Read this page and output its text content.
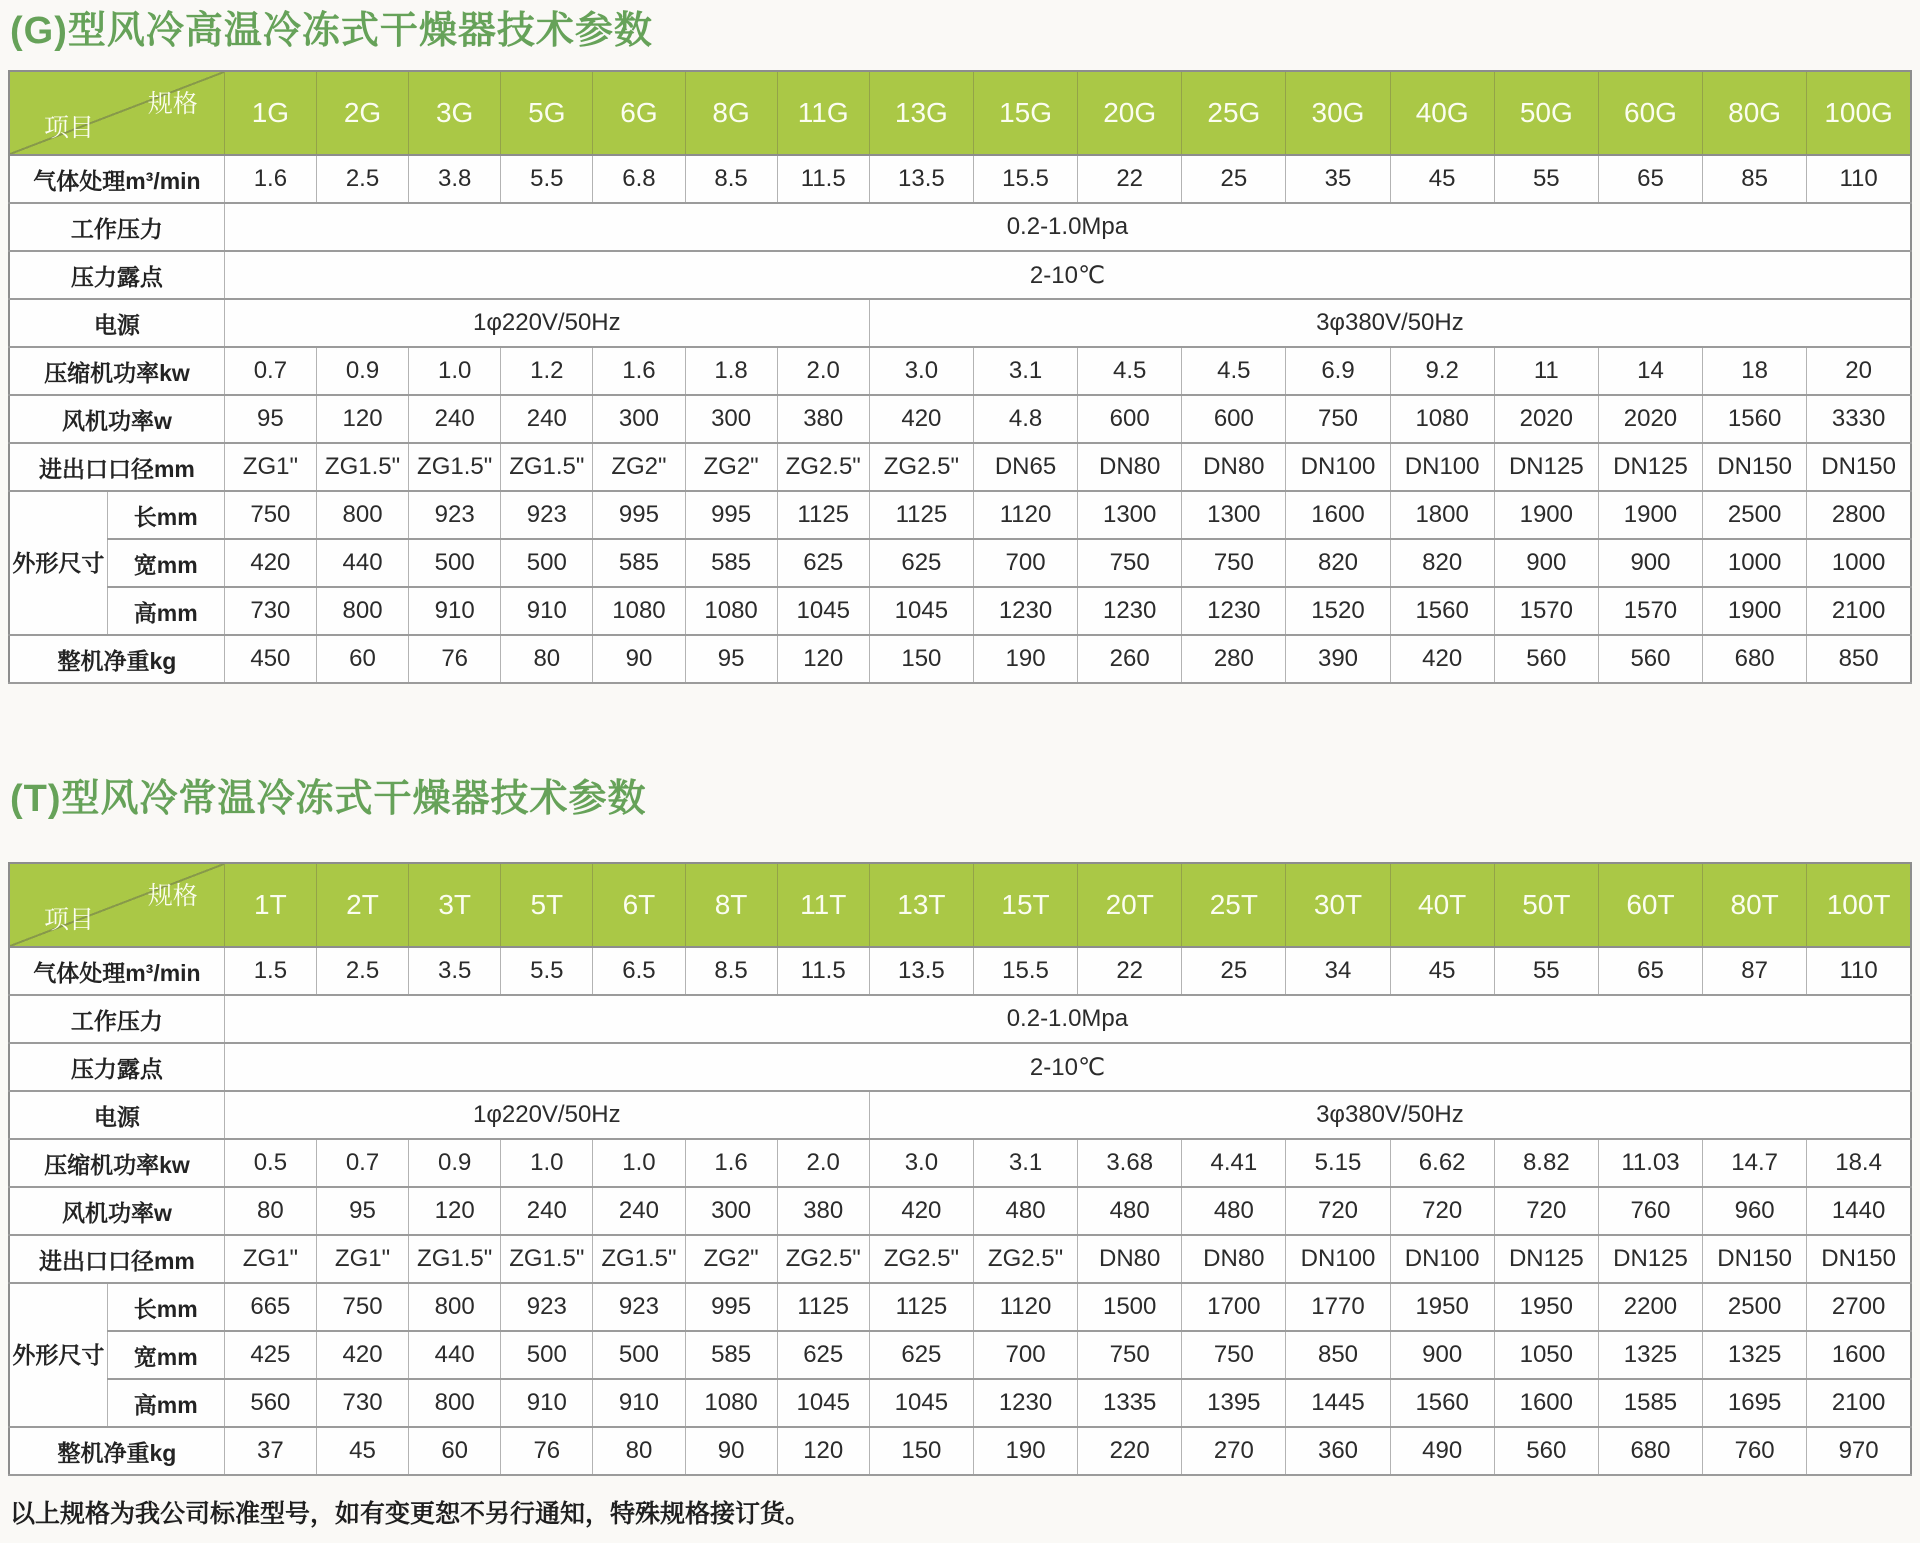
(G)型风冷高温冷冻式干燥器技术参数
规格
项目		1G	2G	3G	5G	6G	8G	11G	13G	15G	20G	25G	30G	40G	50G	60G	80G	100G
气体处理m³/min		1.6	2.5	3.8	5.5	6.8	8.5	11.5	13.5	15.5	22	25	35	45	55	65	85	110
工作压力		0.2-1.0Mpa																
压力露点		2-10℃																
电源		1φ220V/50Hz							3φ380V/50Hz									
压缩机功率kw		0.7	0.9	1.0	1.2	1.6	1.8	2.0	3.0	3.1	4.5	4.5	6.9	9.2	11	14	18	20
风机功率w		95	120	240	240	300	300	380	420	4.8	600	600	750	1080	2020	2020	1560	3330
进出口口径mm		ZG1"	ZG1.5"	ZG1.5"	ZG1.5"	ZG2"	ZG2"	ZG2.5"	ZG2.5"	DN65	DN80	DN80	DN100	DN100	DN125	DN125	DN150	DN150
外形尺寸	长mm	750	800	923	923	995	995	1125	1125	1120	1300	1300	1600	1800	1900	1900	2500	2800
	宽mm	420	440	500	500	585	585	625	625	700	750	750	820	820	900	900	1000	1000
	高mm	730	800	910	910	1080	1080	1045	1045	1230	1230	1230	1520	1560	1570	1570	1900	2100
整机净重kg		450	60	76	80	90	95	120	150	190	260	280	390	420	560	560	680	850
(T)型风冷常温冷冻式干燥器技术参数
规格
项目		1T	2T	3T	5T	6T	8T	11T	13T	15T	20T	25T	30T	40T	50T	60T	80T	100T
气体处理m³/min		1.5	2.5	3.5	5.5	6.5	8.5	11.5	13.5	15.5	22	25	34	45	55	65	87	110
工作压力		0.2-1.0Mpa																
压力露点		2-10℃																
电源		1φ220V/50Hz							3φ380V/50Hz									
压缩机功率kw		0.5	0.7	0.9	1.0	1.0	1.6	2.0	3.0	3.1	3.68	4.41	5.15	6.62	8.82	11.03	14.7	18.4
风机功率w		80	95	120	240	240	300	380	420	480	480	480	720	720	720	760	960	1440
进出口口径mm		ZG1"	ZG1"	ZG1.5"	ZG1.5"	ZG1.5"	ZG2"	ZG2.5"	ZG2.5"	ZG2.5"	DN80	DN80	DN100	DN100	DN125	DN125	DN150	DN150
外形尺寸	长mm	665	750	800	923	923	995	1125	1125	1120	1500	1700	1770	1950	1950	2200	2500	2700
	宽mm	425	420	440	500	500	585	625	625	700	750	750	850	900	1050	1325	1325	1600
	高mm	560	730	800	910	910	1080	1045	1045	1230	1335	1395	1445	1560	1600	1585	1695	2100
整机净重kg		37	45	60	76	80	90	120	150	190	220	270	360	490	560	680	760	970

以上规格为我公司标准型号，如有变更恕不另行通知，特殊规格接订货。
